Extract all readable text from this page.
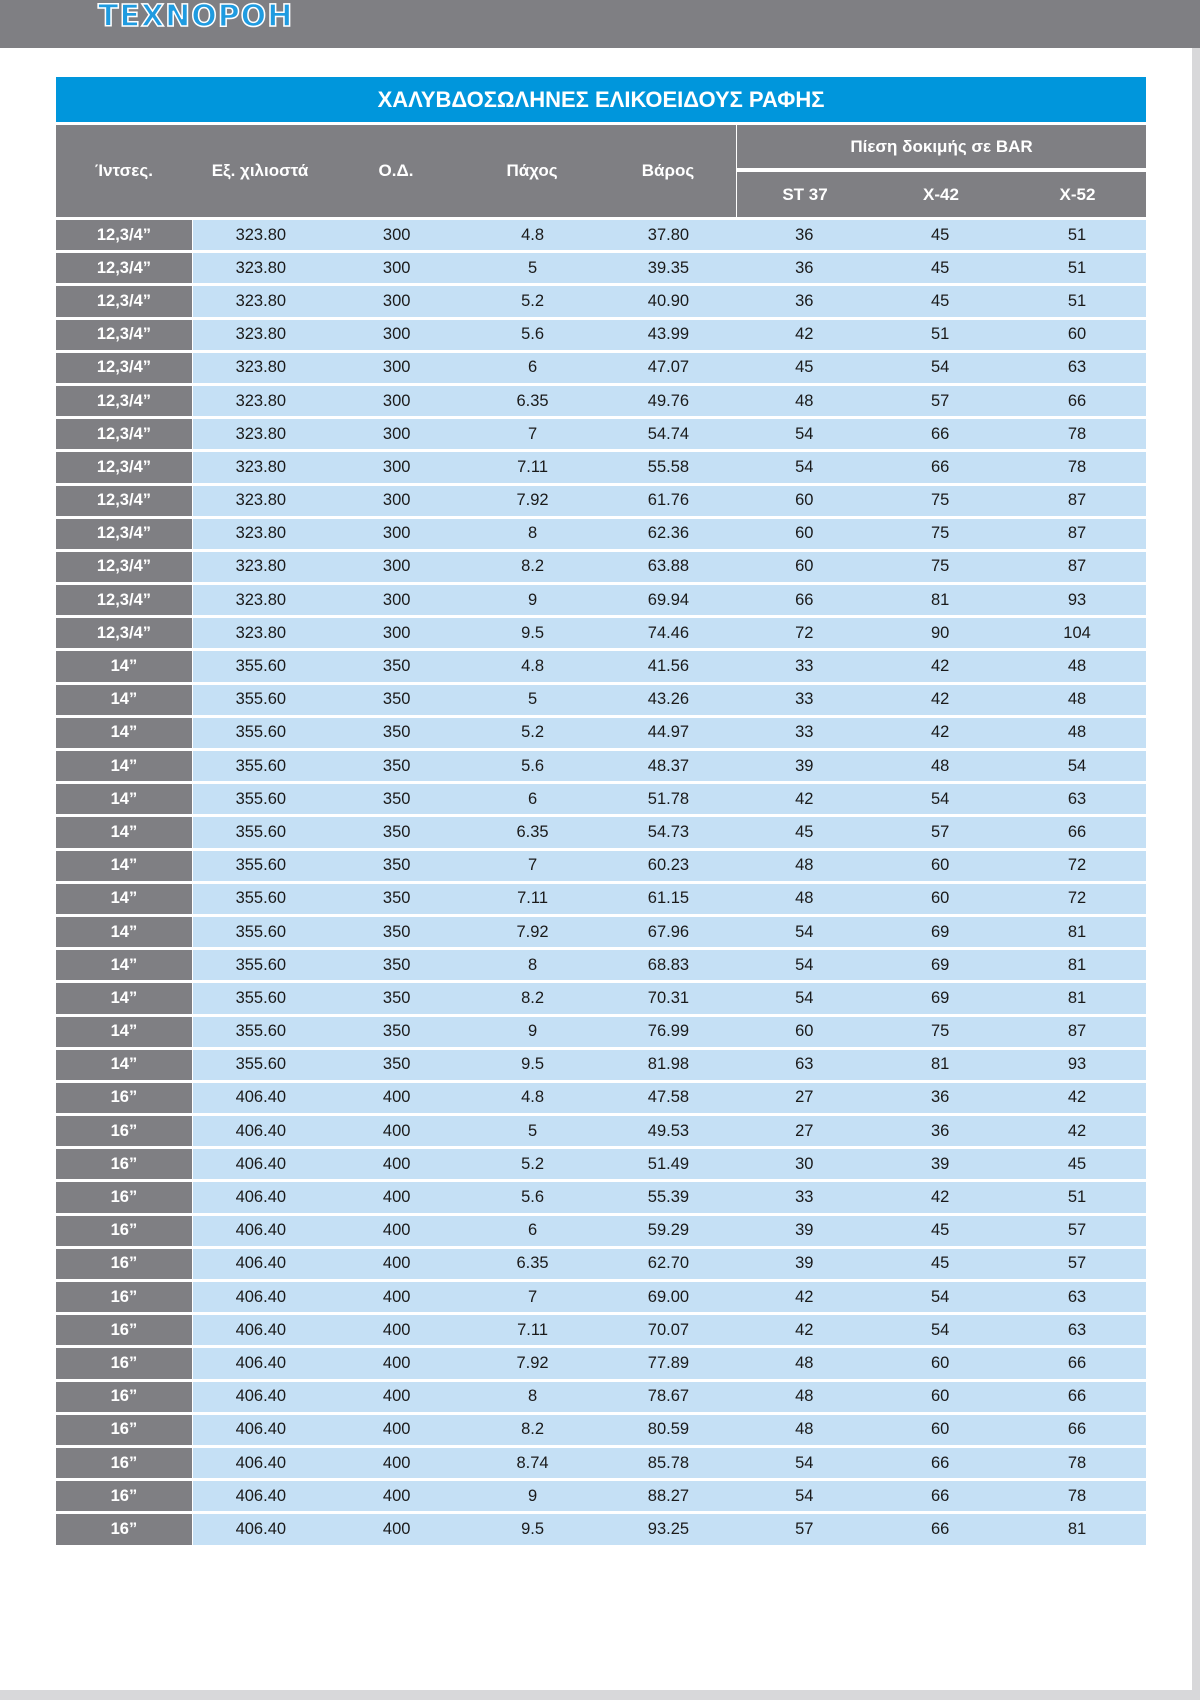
TEXNOPOH
ΧΑΛΥΒΔΟΣΩΛΗΝΕΣ ΕΛΙΚΟΕΙΔΟΥΣ ΡΑΦΗΣ
Ίντσες.	Εξ. χιλιοστά	Ο.Δ.	Πάχος	Βάρος
Πίεση δοκιμής σε BAR
ST 37	X-42	X-52
12,3/4”	323.80	300	4.8	37.80	36	45	51
12,3/4”	323.80	300	5	39.35	36	45	51
12,3/4”	323.80	300	5.2	40.90	36	45	51
12,3/4”	323.80	300	5.6	43.99	42	51	60
12,3/4”	323.80	300	6	47.07	45	54	63
12,3/4”	323.80	300	6.35	49.76	48	57	66
12,3/4”	323.80	300	7	54.74	54	66	78
12,3/4”	323.80	300	7.11	55.58	54	66	78
12,3/4”	323.80	300	7.92	61.76	60	75	87
12,3/4”	323.80	300	8	62.36	60	75	87
12,3/4”	323.80	300	8.2	63.88	60	75	87
12,3/4”	323.80	300	9	69.94	66	81	93
12,3/4”	323.80	300	9.5	74.46	72	90	104
14”	355.60	350	4.8	41.56	33	42	48
14”	355.60	350	5	43.26	33	42	48
14”	355.60	350	5.2	44.97	33	42	48
14”	355.60	350	5.6	48.37	39	48	54
14”	355.60	350	6	51.78	42	54	63
14”	355.60	350	6.35	54.73	45	57	66
14”	355.60	350	7	60.23	48	60	72
14”	355.60	350	7.11	61.15	48	60	72
14”	355.60	350	7.92	67.96	54	69	81
14”	355.60	350	8	68.83	54	69	81
14”	355.60	350	8.2	70.31	54	69	81
14”	355.60	350	9	76.99	60	75	87
14”	355.60	350	9.5	81.98	63	81	93
16”	406.40	400	4.8	47.58	27	36	42
16”	406.40	400	5	49.53	27	36	42
16”	406.40	400	5.2	51.49	30	39	45
16”	406.40	400	5.6	55.39	33	42	51
16”	406.40	400	6	59.29	39	45	57
16”	406.40	400	6.35	62.70	39	45	57
16”	406.40	400	7	69.00	42	54	63
16”	406.40	400	7.11	70.07	42	54	63
16”	406.40	400	7.92	77.89	48	60	66
16”	406.40	400	8	78.67	48	60	66
16”	406.40	400	8.2	80.59	48	60	66
16”	406.40	400	8.74	85.78	54	66	78
16”	406.40	400	9	88.27	54	66	78
16”	406.40	400	9.5	93.25	57	66	81
